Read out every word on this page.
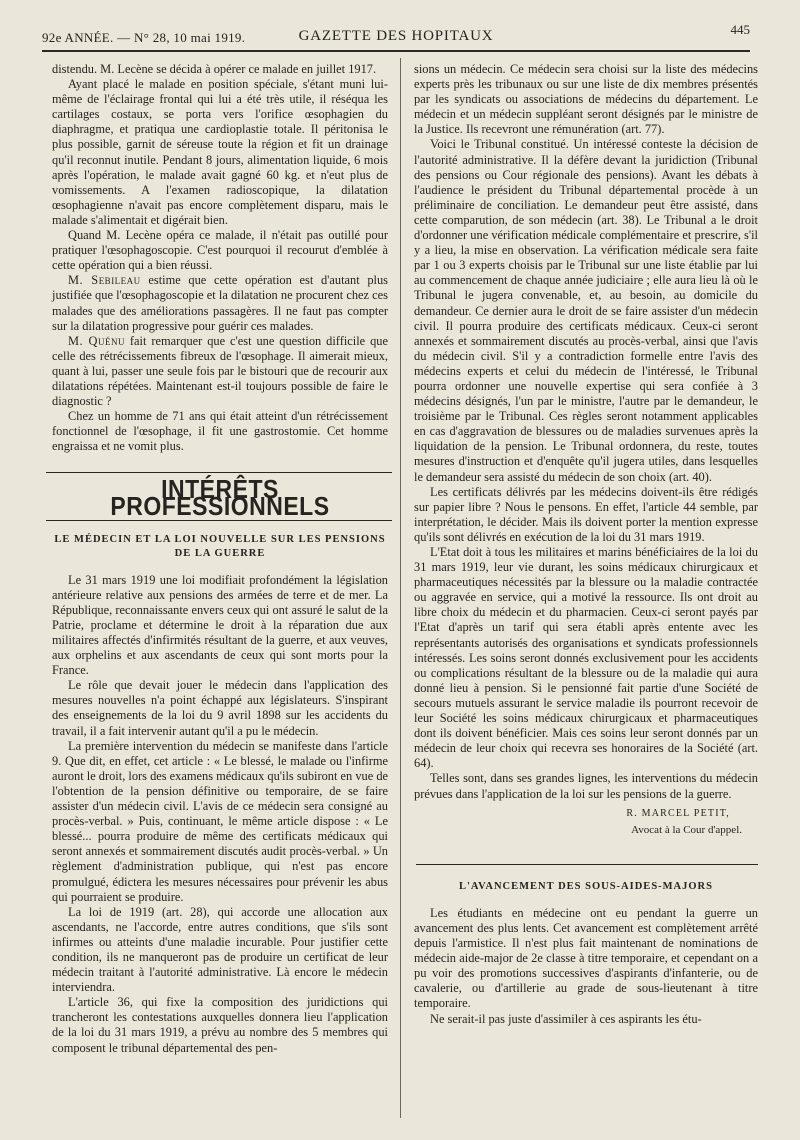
92e ANNÉE. — N° 28, 10 mai 1919.	GAZETTE DES HOPITAUX	445

distendu. M. Lecène se décida à opérer ce malade en juillet 1917.

Ayant placé le malade en position spéciale, s'étant muni lui-même de l'éclairage frontal qui lui a été très utile, il réséqua les cartilages costaux, se porta vers l'orifice œsophagien du diaphragme, et pratiqua une cardioplastie totale. Il péritonisa le plus possible, garnit de séreuse toute la région et fit un drainage qu'il reconnut inutile. Pendant 8 jours, alimentation liquide, 6 mois après l'opération, le malade avait gagné 60 kg. et n'eut plus de vomissements. A l'examen radioscopique, la dilatation œsophagienne n'avait pas encore complètement disparu, mais le malade s'alimentait et digérait bien.

Quand M. Lecène opéra ce malade, il n'était pas outillé pour pratiquer l'œsophagoscopie. C'est pourquoi il recourut d'emblée à cette opération qui a bien réussi.

M. Sebileau estime que cette opération est d'autant plus justifiée que l'œsophagoscopie et la dilatation ne procurent chez ces malades que des améliorations passagères. Il ne faut pas compter sur la dilatation progressive pour guérir ces malades.

M. Quénu fait remarquer que c'est une question difficile que celle des rétrécissements fibreux de l'œsophage. Il aimerait mieux, quant à lui, passer une seule fois par le bistouri que de recourir aux dilatations répétées. Maintenant est-il toujours possible de faire le diagnostic ?

Chez un homme de 71 ans qui était atteint d'un rétrécissement fonctionnel de l'œsophage, il fit une gastrostomie. Cet homme engraissa et ne vomit plus.

INTÉRÊTS PROFESSIONNELS
LE MÉDECIN ET LA LOI NOUVELLE SUR LES PENSIONS
DE LA GUERRE

Le 31 mars 1919 une loi modifiait profondément la législation antérieure relative aux pensions des armées de terre et de mer. La République, reconnaissante envers ceux qui ont assuré le salut de la Patrie, proclame et détermine le droit à la réparation due aux militaires affectés d'infirmités résultant de la guerre, et aux veuves, aux orphelins et aux ascendants de ceux qui sont morts pour la France.

Le rôle que devait jouer le médecin dans l'application des mesures nouvelles n'a point échappé aux législateurs. S'inspirant des enseignements de la loi du 9 avril 1898 sur les accidents du travail, il a fait intervenir autant qu'il a pu le médecin.

La première intervention du médecin se manifeste dans l'article 9. Que dit, en effet, cet article : « Le blessé, le malade ou l'infirme auront le droit, lors des examens médicaux qu'ils subiront en vue de l'obtention de la pension définitive ou temporaire, de se faire assister d'un médecin civil. L'avis de ce médecin sera consigné au procès-verbal. » Puis, continuant, le même article dispose : « Le blessé... pourra produire de même des certificats médicaux qui seront annexés et sommairement discutés audit procès-verbal. » Un règlement d'administration publique, qui n'est pas encore promulgué, édictera les mesures nécessaires pour prévenir les abus qui pourraient se produire.

La loi de 1919 (art. 28), qui accorde une allocation aux ascendants, ne l'accorde, entre autres conditions, que s'ils sont infirmes ou atteints d'une maladie incurable. Pour justifier cette condition, ils ne manqueront pas de produire un certificat de leur médecin traitant à l'autorité administrative. Là encore le médecin interviendra.

L'article 36, qui fixe la composition des juridictions qui trancheront les contestations auxquelles donnera lieu l'application de la loi du 31 mars 1919, a prévu au nombre des 5 membres qui composent le tribunal départemental des pen-

sions un médecin. Ce médecin sera choisi sur la liste des médecins experts près les tribunaux ou sur une liste de dix membres présentés par les syndicats ou associations de médecins du département. Le médecin et un médecin suppléant seront désignés par le ministre de la Justice. Ils recevront une rémunération (art. 77).

Voici le Tribunal constitué. Un intéressé conteste la décision de l'autorité administrative. Il la défère devant la juridiction (Tribunal des pensions ou Cour régionale des pensions). Avant les débats à l'audience le président du Tribunal départemental procède à un préliminaire de conciliation. Le demandeur peut être assisté, dans cette comparution, de son médecin (art. 38). Le Tribunal a le droit d'ordonner une vérification médicale complémentaire et prescrire, s'il y a lieu, la mise en observation. La vérification médicale sera faite par 1 ou 3 experts choisis par le Tribunal sur une liste établie par lui au commencement de chaque année judiciaire ; elle aura lieu là où le Tribunal le jugera convenable, et, au besoin, au domicile du demandeur. Ce dernier aura le droit de se faire assister d'un médecin civil. Il pourra produire des certificats médicaux. Ceux-ci seront annexés et sommairement discutés au procès-verbal, ainsi que l'avis du médecin civil. S'il y a contradiction formelle entre l'avis des médecins experts et celui du médecin de l'intéressé, le Tribunal pourra ordonner une nouvelle expertise qui sera confiée à 3 médecins désignés, l'un par le ministre, l'autre par le demandeur, le troisième par le Tribunal. Ces règles seront notamment applicables en cas d'aggravation de blessures ou de maladies survenues après la liquidation de la pension. Le Tribunal ordonnera, du reste, toutes mesures d'instruction et d'enquête qu'il jugera utiles, dans lesquelles le demandeur sera assisté du médecin de son choix (art. 40).

Les certificats délivrés par les médecins doivent-ils être rédigés sur papier libre ? Nous le pensons. En effet, l'article 44 semble, par interprétation, le décider. Mais ils doivent porter la mention expresse qu'ils sont délivrés en exécution de la loi du 31 mars 1919.

L'Etat doit à tous les militaires et marins bénéficiaires de la loi du 31 mars 1919, leur vie durant, les soins médicaux chirurgicaux et pharmaceutiques nécessités par la blessure ou la maladie contractée ou aggravée en service, qui a motivé la ressource. Ils ont droit au libre choix du médecin et du pharmacien. Ceux-ci seront payés par l'Etat d'après un tarif qui sera établi après entente avec les représentants autorisés des organisations et syndicats professionnels intéressés. Les soins seront donnés exclusivement pour les accidents ou complications résultant de la blessure ou de la maladie qui aura donné lieu à pension. Si le pensionné fait partie d'une Société de secours mutuels assurant le service maladie ils pourront recevoir de leur Société les soins médicaux chirurgicaux et pharmaceutiques dont ils doivent bénéficier. Mais ces soins leur seront donnés par un médecin de leur choix qui recevra ses honoraires de la Société (art. 64).

Telles sont, dans ses grandes lignes, les interventions du médecin prévues dans l'application de la loi sur les pensions de la guerre.

R. MARCEL PETIT,
Avocat à la Cour d'appel.
L'AVANCEMENT DES SOUS-AIDES-MAJORS

Les étudiants en médecine ont eu pendant la guerre un avancement des plus lents. Cet avancement est complètement arrêté depuis l'armistice. Il n'est plus fait maintenant de nominations de médecin aide-major de 2e classe à titre temporaire, et cependant on a pu voir des promotions successives d'aspirants d'infanterie, ou de cavalerie, ou d'artillerie au grade de sous-lieutenant à titre temporaire.

Ne serait-il pas juste d'assimiler à ces aspirants les étu-
